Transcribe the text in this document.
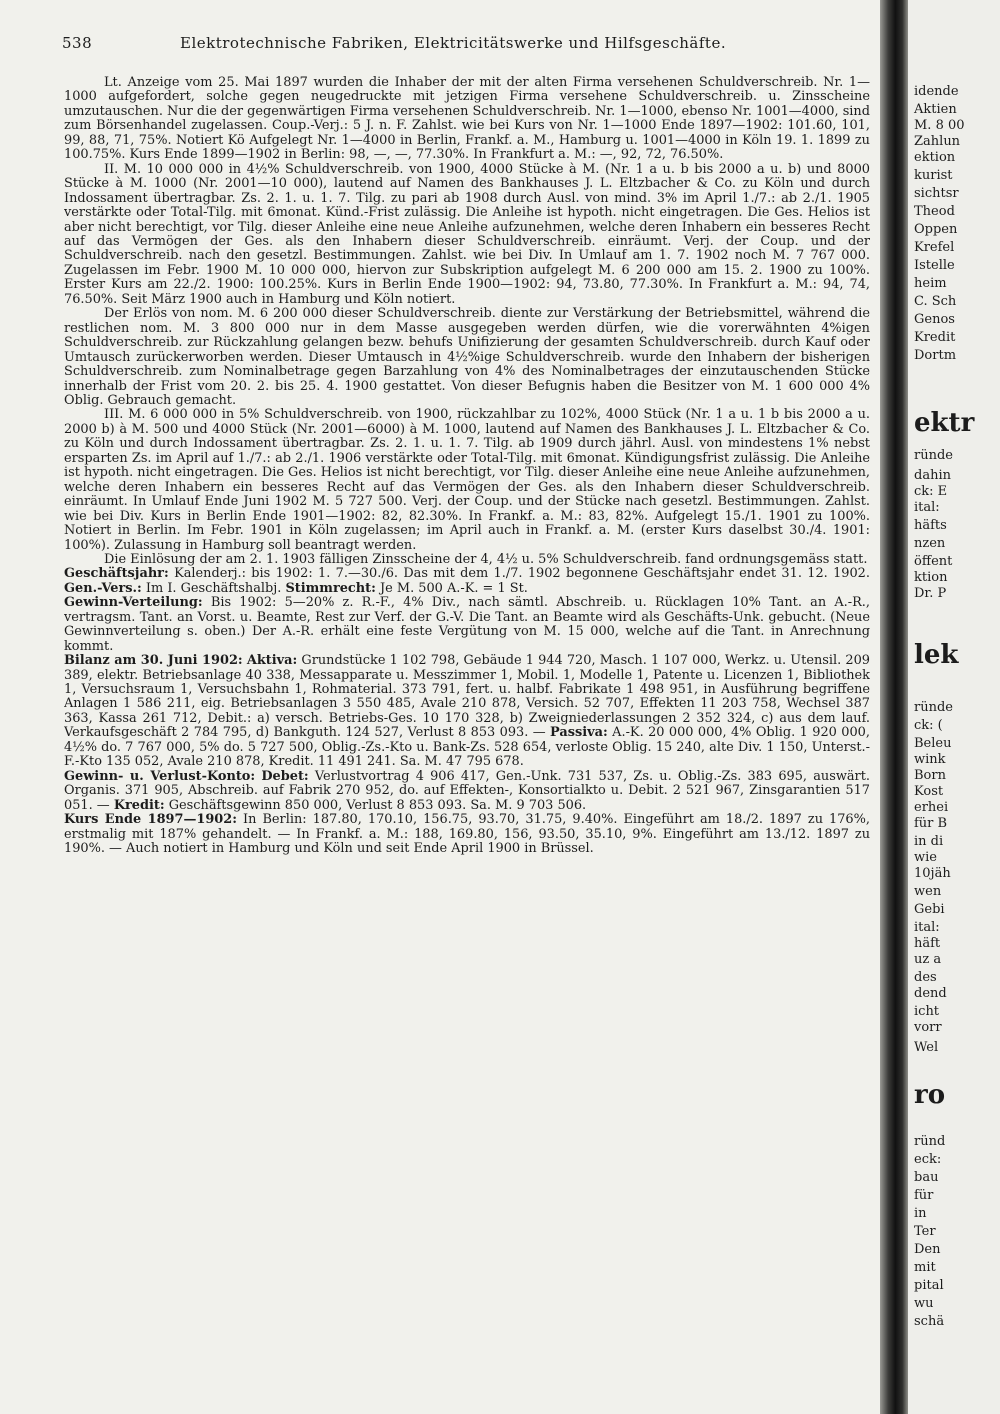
538	Elektrotechnische Fabriken, Elektricitätswerke und Hilfsgeschäfte.

Lt. Anzeige vom 25. Mai 1897 wurden die Inhaber der mit der alten Firma versehenen Schuldverschreib. Nr. 1—1000 aufgefordert, solche gegen neugedruckte mit jetzigen Firma versehene Schuldverschreib. u. Zinsscheine umzutauschen. Nur die der gegenwärtigen Firma versehenen Schuldverschreib. Nr. 1—1000, ebenso Nr. 1001—4000, sind zum Börsenhandel zugelassen. Coup.-Verj.: 5 J. n. F. Zahlst. wie bei Kurs von Nr. 1—1000 Ende 1897—1902: 101.60, 101, 99, 88, 71, 75%. Notiert Kö Aufgelegt Nr. 1—4000 in Berlin, Frankf. a. M., Hamburg u. 1001—4000 in Köln 19. 1. 1899 zu 100.75%. Kurs Ende 1899—1902 in Berlin: 98, —, —, 77.30%. In Frankfurt a. M.: —, 92, 72, 76.50%.

II. M. 10 000 000 in 4½% Schuldverschreib. von 1900, 4000 Stücke à M. (Nr. 1 a u. b bis 2000 a u. b) und 8000 Stücke à M. 1000 (Nr. 2001—10 000), lautend auf Namen des Bankhauses J. L. Eltzbacher & Co. zu Köln und durch Indossament übertragbar. Zs. 2. 1. u. 1. 7. Tilg. zu pari ab 1908 durch Ausl. von mind. 3% im April 1./7.: ab 2./1. 1905 verstärkte oder Total-Tilg. mit 6monat. Künd.-Frist zulässig. Die Anleihe ist hypoth. nicht eingetragen. Die Ges. Helios ist aber nicht berechtigt, vor Tilg. dieser Anleihe eine neue Anleihe aufzunehmen, welche deren Inhabern ein besseres Recht auf das Vermögen der Ges. als den Inhabern dieser Schuldverschreib. einräumt. Verj. der Coup. und der Schuldverschreib. nach den gesetzl. Bestimmungen. Zahlst. wie bei Div. In Umlauf am 1. 7. 1902 noch M. 7 767 000. Zugelassen im Febr. 1900 M. 10 000 000, hiervon zur Subskription aufgelegt M. 6 200 000 am 15. 2. 1900 zu 100%. Erster Kurs am 22./2. 1900: 100.25%. Kurs in Berlin Ende 1900—1902: 94, 73.80, 77.30%. In Frankfurt a. M.: 94, 74, 76.50%. Seit März 1900 auch in Hamburg und Köln notiert.

Der Erlös von nom. M. 6 200 000 dieser Schuldverschreib. diente zur Verstärkung der Betriebsmittel, während die restlichen nom. M. 3 800 000 nur in dem Masse ausgegeben werden dürfen, wie die vorerwähnten 4%igen Schuldverschreib. zur Rückzahlung gelangen bezw. behufs Unifizierung der gesamten Schuldverschreib. durch Kauf oder Umtausch zurückerworben werden. Dieser Umtausch in 4½%ige Schuldverschreib. wurde den Inhabern der bisherigen Schuldverschreib. zum Nominalbetrage gegen Barzahlung von 4% des Nominalbetrages der einzutauschenden Stücke innerhalb der Frist vom 20. 2. bis 25. 4. 1900 gestattet. Von dieser Befugnis haben die Besitzer von M. 1 600 000 4% Oblig. Gebrauch gemacht.

III. M. 6 000 000 in 5% Schuldverschreib. von 1900, rückzahlbar zu 102%, 4000 Stück (Nr. 1 a u. 1 b bis 2000 a u. 2000 b) à M. 500 und 4000 Stück (Nr. 2001—6000) à M. 1000, lautend auf Namen des Bankhauses J. L. Eltzbacher & Co. zu Köln und durch Indossament übertragbar. Zs. 2. 1. u. 1. 7. Tilg. ab 1909 durch jährl. Ausl. von mindestens 1% nebst ersparten Zs. im April auf 1./7.: ab 2./1. 1906 verstärkte oder Total-Tilg. mit 6monat. Kündigungsfrist zulässig. Die Anleihe ist hypoth. nicht eingetragen. Die Ges. Helios ist nicht berechtigt, vor Tilg. dieser Anleihe eine neue Anleihe aufzunehmen, welche deren Inhabern ein besseres Recht auf das Vermögen der Ges. als den Inhabern dieser Schuldverschreib. einräumt. In Umlauf Ende Juni 1902 M. 5 727 500. Verj. der Coup. und der Stücke nach gesetzl. Bestimmungen. Zahlst. wie bei Div. Kurs in Berlin Ende 1901—1902: 82, 82.30%. In Frankf. a. M.: 83, 82%. Aufgelegt 15./1. 1901 zu 100%. Notiert in Berlin. Im Febr. 1901 in Köln zugelassen; im April auch in Frankf. a. M. (erster Kurs daselbst 30./4. 1901: 100%). Zulassung in Hamburg soll beantragt werden.

Die Einlösung der am 2. 1. 1903 fälligen Zinsscheine der 4, 4½ u. 5% Schuldverschreib. fand ordnungsgemäss statt.

Geschäftsjahr: Kalenderj.: bis 1902: 1. 7.—30./6. Das mit dem 1./7. 1902 begonnene Geschäftsjahr endet 31. 12. 1902. Gen.-Vers.: Im I. Geschäftshalbj. Stimmrecht: Je M. 500 A.-K. = 1 St.

Gewinn-Verteilung: Bis 1902: 5—20% z. R.-F., 4% Div., nach sämtl. Abschreib. u. Rücklagen 10% Tant. an A.-R., vertragsm. Tant. an Vorst. u. Beamte, Rest zur Verf. der G.-V. Die Tant. an Beamte wird als Geschäfts-Unk. gebucht. (Neue Gewinnverteilung s. oben.) Der A.-R. erhält eine feste Vergütung von M. 15 000, welche auf die Tant. in Anrechnung kommt.

Bilanz am 30. Juni 1902: Aktiva: Grundstücke 1 102 798, Gebäude 1 944 720, Masch. 1 107 000, Werkz. u. Utensil. 209 389, elektr. Betriebsanlage 40 338, Messapparate u. Messzimmer 1, Mobil. 1, Modelle 1, Patente u. Licenzen 1, Bibliothek 1, Versuchsraum 1, Versuchsbahn 1, Rohmaterial. 373 791, fert. u. halbf. Fabrikate 1 498 951, in Ausführung begriffene Anlagen 1 586 211, eig. Betriebsanlagen 3 550 485, Avale 210 878, Versich. 52 707, Effekten 11 203 758, Wechsel 387 363, Kassa 261 712, Debit.: a) versch. Betriebs-Ges. 10 170 328, b) Zweigniederlassungen 2 352 324, c) aus dem lauf. Verkaufsgeschäft 2 784 795, d) Bankguth. 124 527, Verlust 8 853 093. — Passiva: A.-K. 20 000 000, 4% Oblig. 1 920 000, 4½% do. 7 767 000, 5% do. 5 727 500, Oblig.-Zs.-Kto u. Bank-Zs. 528 654, verloste Oblig. 15 240, alte Div. 1 150, Unterst.-F.-Kto 135 052, Avale 210 878, Kredit. 11 491 241. Sa. M. 47 795 678.

Gewinn- u. Verlust-Konto: Debet: Verlustvortrag 4 906 417, Gen.-Unk. 731 537, Zs. u. Oblig.-Zs. 383 695, auswärt. Organis. 371 905, Abschreib. auf Fabrik 270 952, do. auf Effekten-, Konsortialkto u. Debit. 2 521 967, Zinsgarantien 517 051. — Kredit: Geschäftsgewinn 850 000, Verlust 8 853 093. Sa. M. 9 703 506.

Kurs Ende 1897—1902: In Berlin: 187.80, 170.10, 156.75, 93.70, 31.75, 9.40%. Eingeführt am 18./2. 1897 zu 176%, erstmalig mit 187% gehandelt. — In Frankf. a. M.: 188, 169.80, 156, 93.50, 35.10, 9%. Eingeführt am 13./12. 1897 zu 190%. — Auch notiert in Hamburg und Köln und seit Ende April 1900 in Brüssel.

idende
Aktien
M. 8 00
Zahlun
ektion
kurist
sichtsr
Theod
Oppen
Krefel
Istelle
heim
C. Sch
Genos
Kredit
Dortm
ektr
ründe
dahin
ck: E
ital:
häfts
nzen
öffent
ktion
Dr. P
lek
ründe
ck: (
Beleu
wink
Born
Kost
erhei
für B
in di
wie
10jäh
wen
Gebi
ital:
häft
uz a
des
dend
icht
vorr
Wel
ro
ründ
eck:
bau
für
in
Ter
Den
mit
pital
wu
schä
